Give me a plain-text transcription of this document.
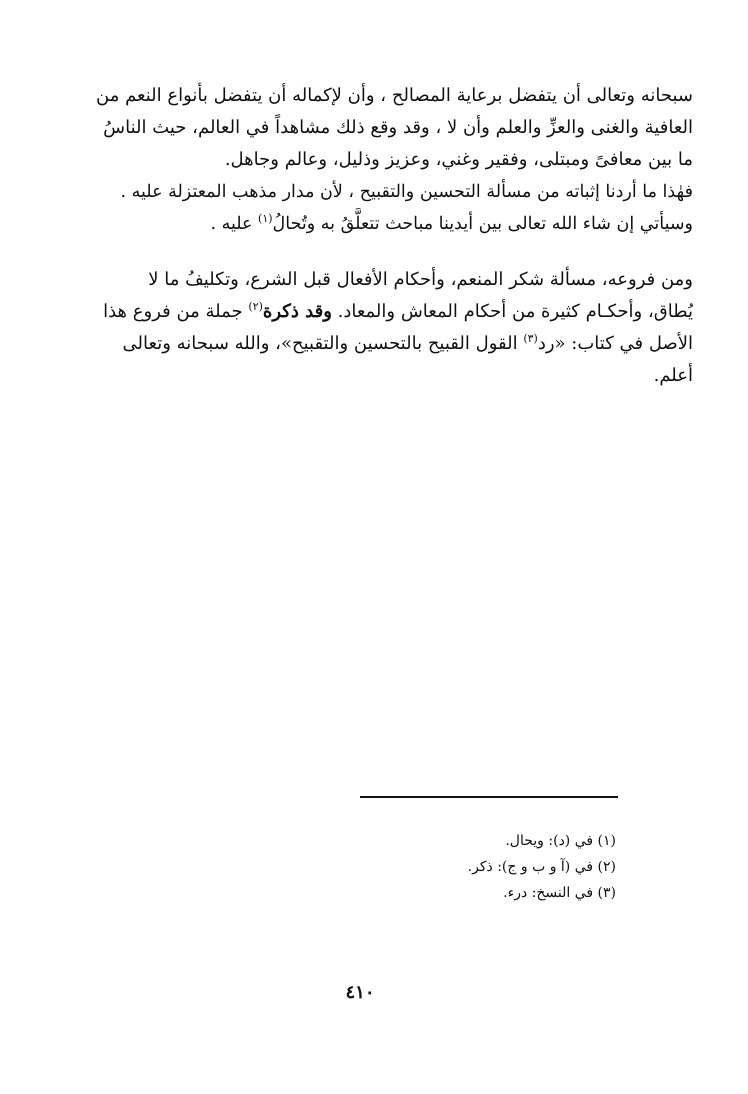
سبحانه وتعالى أن يتفضل برعاية المصالح ، وأن لإكماله أن يتفضل بأنواع النعم من
العافية والغنى والعزِّ والعلم وأن لا ، وقد وقع ذلك مشاهداً في العالم، حيث الناسُ
ما بين معافىً ومبتلى، وفقير وغني، وعزيز وذليل، وعالم وجاهل.
فهٰذا ما أردنا إثباته من مسألة التحسين والتقبيح ، لأن مدار مذهب المعتزلة عليه .
وسيأتي إن شاء الله تعالى بين أيدينا مباحث تتعلَّقُ به وتُحالُ$^{(١)}$ عليه .
ومن فروعه، مسألة شكر المنعم، وأحكام الأفعال قبل الشرع، وتكليفُ ما لا
يُطاق، وأحكـام كثيرة من أحكام المعاش والمعاد. وقد ذكرة$^{(٢)}$ جملة من فروع هذا
الأصل في كتاب: «رد$^{(٣)}$ القول القبيح بالتحسين والتقبيح»، والله سبحانه وتعالى
أعلم.
(١) في (د): ويحال.
(٢) في (آ و ب و ج): ذكر.
(٣) في النسخ: درء.
٤١٠
